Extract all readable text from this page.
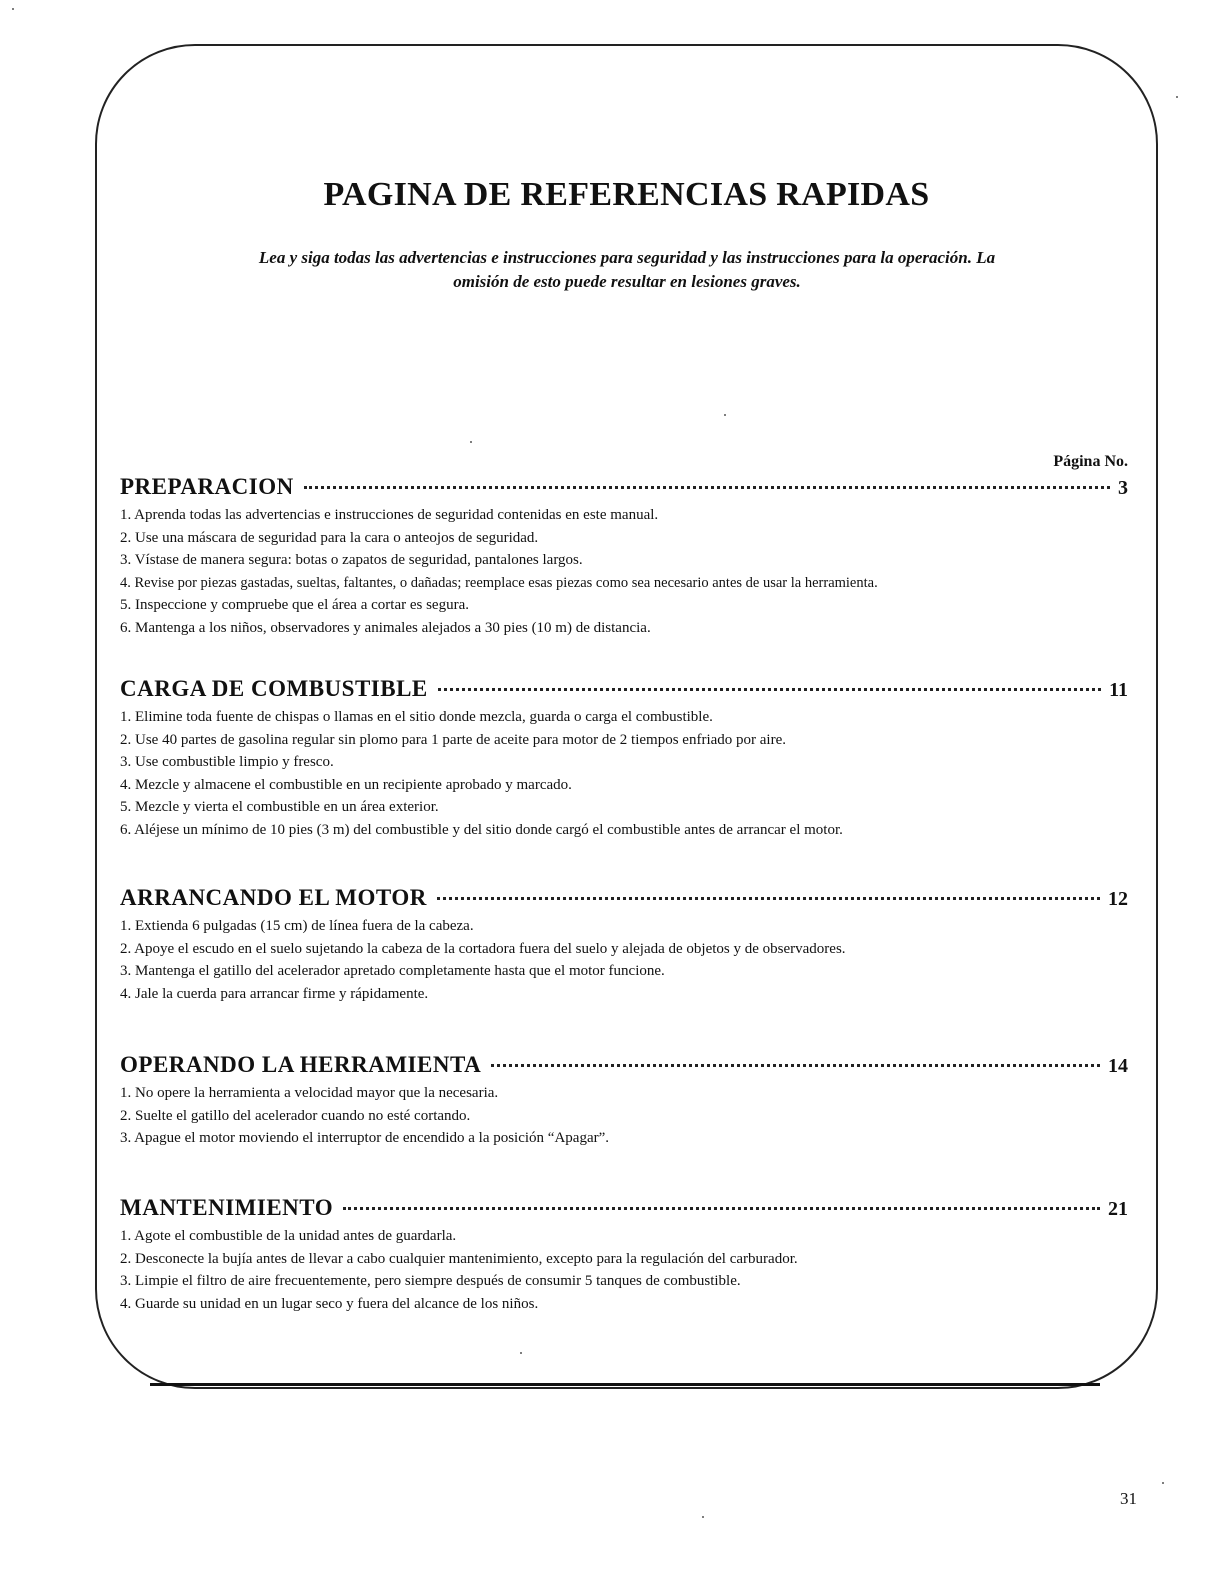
PAGINA DE REFERENCIAS RAPIDAS

Lea y siga todas las advertencias e instrucciones para seguridad y las instrucciones para la operación. La omisión de esto puede resultar en lesiones graves.

Página No.
PREPARACION	3
1. Aprenda todas las advertencias e instrucciones de seguridad contenidas en este manual.
2. Use una máscara de seguridad para la cara o anteojos de seguridad.
3. Vístase de manera segura: botas o zapatos de seguridad, pantalones largos.
4. Revise por piezas gastadas, sueltas, faltantes, o dañadas; reemplace esas piezas como sea necesario antes de usar la herramienta.
5. Inspeccione y compruebe que el área a cortar es segura.
6. Mantenga a los niños, observadores y animales alejados a 30 pies (10 m) de distancia.
CARGA DE COMBUSTIBLE	11
1. Elimine toda fuente de chispas o llamas en el sitio donde mezcla, guarda o carga el combustible.
2. Use 40 partes de gasolina regular sin plomo para 1 parte de aceite para motor de 2 tiempos enfriado por aire.
3. Use combustible limpio y fresco.
4. Mezcle y almacene el combustible en un recipiente aprobado y marcado.
5. Mezcle y vierta el combustible en un área exterior.
6. Aléjese un mínimo de 10 pies (3 m) del combustible y del sitio donde cargó el combustible antes de arrancar el motor.
ARRANCANDO EL MOTOR	12
1. Extienda 6 pulgadas (15 cm) de línea fuera de la cabeza.
2. Apoye el escudo en el suelo sujetando la cabeza de la cortadora fuera del suelo y alejada de objetos y de observadores.
3. Mantenga el gatillo del acelerador apretado completamente hasta que el motor funcione.
4. Jale la cuerda para arrancar firme y rápidamente.
OPERANDO LA HERRAMIENTA	14
1. No opere la herramienta a velocidad mayor que la necesaria.
2. Suelte el gatillo del acelerador cuando no esté cortando.
3. Apague el motor moviendo el interruptor de encendido a la posición “Apagar”.
MANTENIMIENTO	21
1. Agote el combustible de la unidad antes de guardarla.
2. Desconecte la bujía antes de llevar a cabo cualquier mantenimiento, excepto para la regulación del carburador.
3. Limpie el filtro de aire frecuentemente, pero siempre después de consumir 5 tanques de combustible.
4. Guarde su unidad en un lugar seco y fuera del alcance de los niños.
31
